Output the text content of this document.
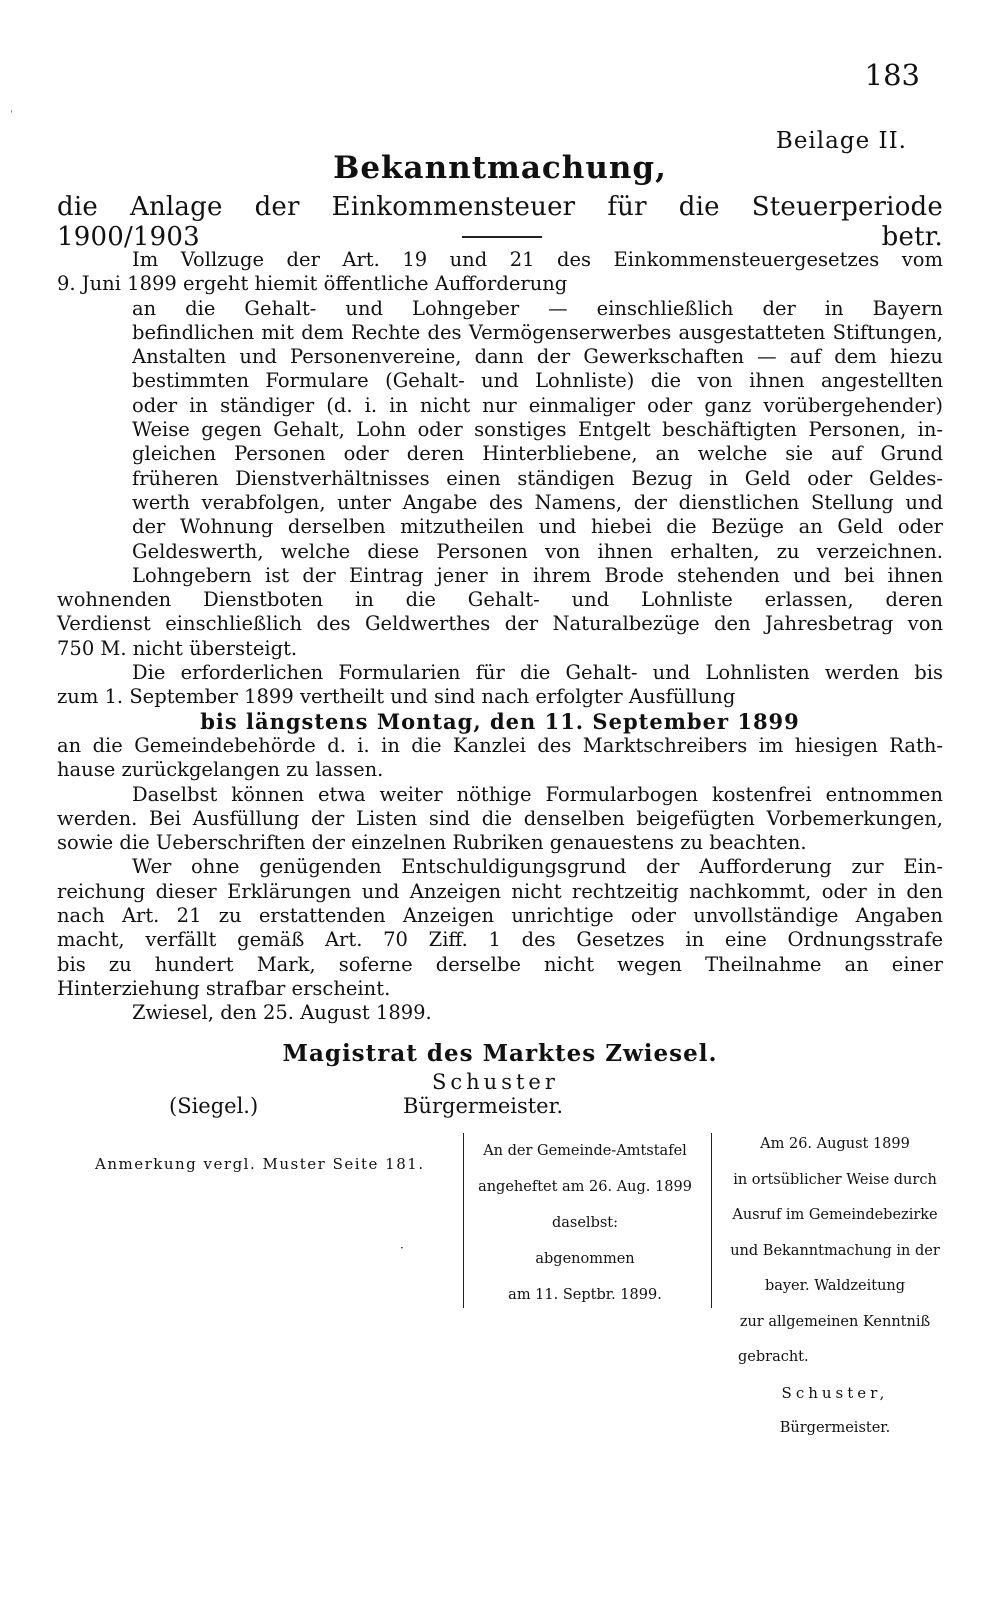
ˌ
183
Beilage II.
Bekanntmachung,
die Anlage der Einkommensteuer für die Steuerperiode 1900/1903 betr.
Im Vollzuge der Art. 19 und 21 des Einkommensteuergesetzes vom
9. Juni 1899 ergeht hiemit öffentliche Aufforderung
an die Gehalt- und Lohngeber — einschließlich der in Bayern
befindlichen mit dem Rechte des Vermögenserwerbes ausgestatteten Stiftungen,
Anstalten und Personenvereine, dann der Gewerkschaften — auf dem hiezu
bestimmten Formulare (Gehalt- und Lohnliste) die von ihnen angestellten
oder in ständiger (d. i. in nicht nur einmaliger oder ganz vorübergehender)
Weise gegen Gehalt, Lohn oder sonstiges Entgelt beschäftigten Personen, in-
gleichen Personen oder deren Hinterbliebene, an welche sie auf Grund
früheren Dienstverhältnisses einen ständigen Bezug in Geld oder Geldes-
werth verabfolgen, unter Angabe des Namens, der dienstlichen Stellung und
der Wohnung derselben mitzutheilen und hiebei die Bezüge an Geld oder
Geldeswerth, welche diese Personen von ihnen erhalten, zu verzeichnen.
Lohngebern ist der Eintrag jener in ihrem Brode stehenden und bei ihnen
wohnenden Dienstboten in die Gehalt- und Lohnliste erlassen, deren
Verdienst einschließlich des Geldwerthes der Naturalbezüge den Jahresbetrag von
750 M. nicht übersteigt.
Die erforderlichen Formularien für die Gehalt- und Lohnlisten werden bis
zum 1. September 1899 vertheilt und sind nach erfolgter Ausfüllung
bis längstens Montag, den 11. September 1899
an die Gemeindebehörde d. i. in die Kanzlei des Marktschreibers im hiesigen Rath-
hause zurückgelangen zu lassen.
Daselbst können etwa weiter nöthige Formularbogen kostenfrei entnommen
werden. Bei Ausfüllung der Listen sind die denselben beigefügten Vorbemerkungen,
sowie die Ueberschriften der einzelnen Rubriken genauestens zu beachten.
Wer ohne genügenden Entschuldigungsgrund der Aufforderung zur Ein-
reichung dieser Erklärungen und Anzeigen nicht rechtzeitig nachkommt, oder in den
nach Art. 21 zu erstattenden Anzeigen unrichtige oder unvollständige Angaben
macht, verfällt gemäß Art. 70 Ziff. 1 des Gesetzes in eine Ordnungsstrafe
bis zu hundert Mark, soferne derselbe nicht wegen Theilnahme an einer
Hinterziehung strafbar erscheint.
Zwiesel, den 25. August 1899.
Magistrat des Marktes Zwiesel.
Schuster
(Siegel.)	Bürgermeister.
Anmerkung vergl. Muster Seite 181.
·
An der Gemeinde-Amtstafel
angeheftet am 26. Aug. 1899
daselbst:
abgenommen
am 11. Septbr. 1899.
Am 26. August 1899
in ortsüblicher Weise durch
Ausruf im Gemeindebezirke
und Bekanntmachung in der
bayer. Waldzeitung
zur allgemeinen Kenntniß
gebracht.
Schuster,
Bürgermeister.
